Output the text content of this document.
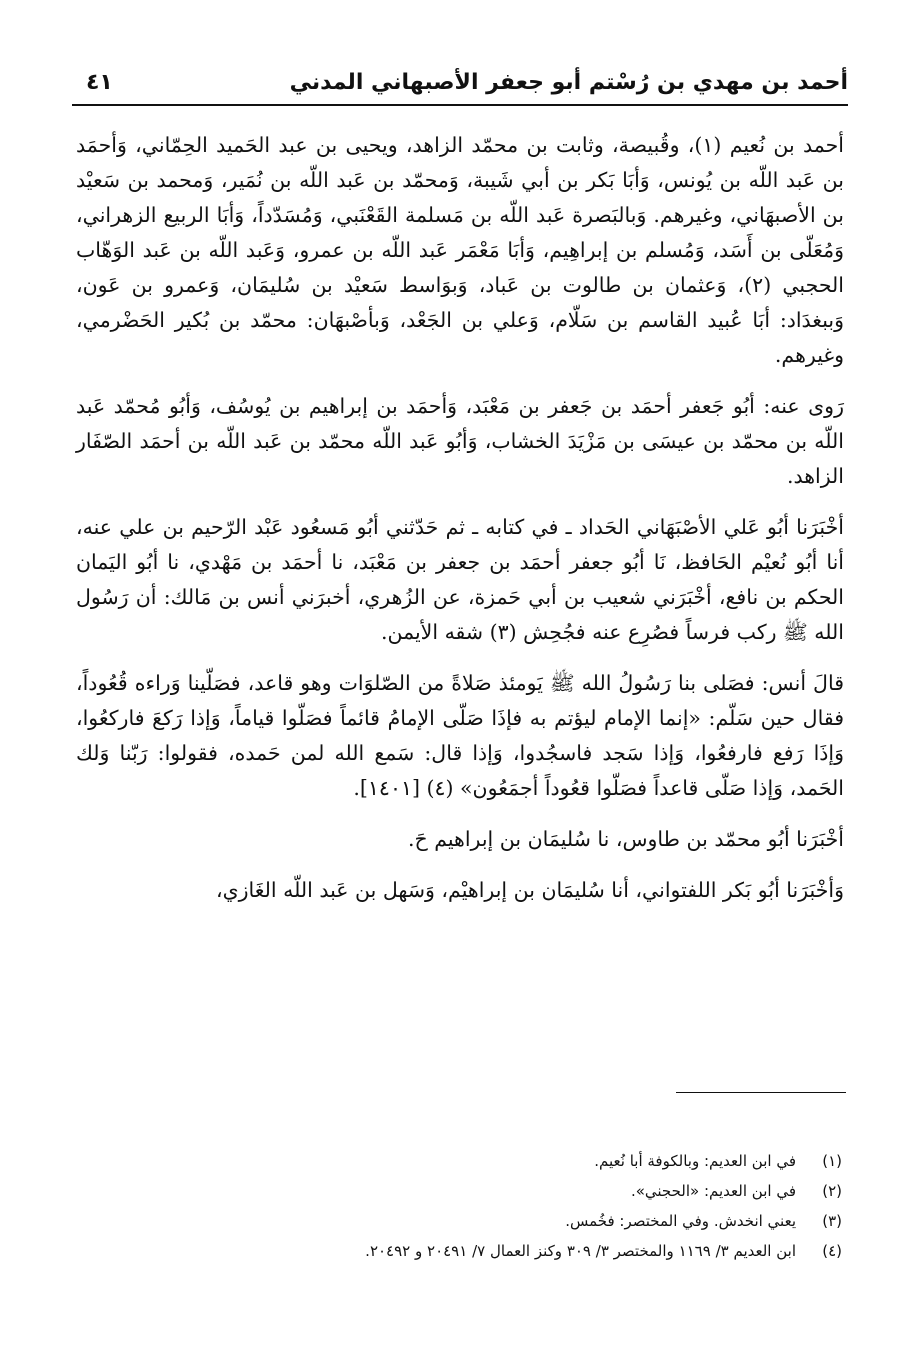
أحمد بن مهدي بن رُسْتم أبو جعفر الأصبهاني المدني
٤١

أحمد بن نُعيم (١)، وقُبيصة، وثابت بن محمّد الزاهد، ويحيى بن عبد الحَميد الحِمّاني، وَأحمَد بن عَبد اللّه بن يُونس، وَأبَا بَكر بن أبي شَيبة، وَمحمّد بن عَبد اللّه بن نُمَير، وَمحمد بن سَعيْد بن الأصبهَاني، وغيرهم. وَبالبَصرة عَبد اللّه بن مَسلمة القَعْنَبي، وَمُسَدّداً، وَأبَا الربيع الزهراني، وَمُعَلّى بن أَسَد، وَمُسلم بن إبراهِيم، وَأبَا مَعْمَر عَبد اللّه بن عمرو، وَعَبد اللّه بن عَبد الوَهّاب الحجبي (٢)، وَعثمان بن طالوت بن عَباد، وَبوَاسط سَعيْد بن سُليمَان، وَعمرو بن عَون، وَببغدَاد: أبَا عُبيد القاسم بن سَلّام، وَعلي بن الجَعْد، وَبأصْبهَان: محمّد بن بُكير الحَضْرمي، وغيرهم.

رَوى عنه: أبُو جَعفر أحمَد بن جَعفر بن مَعْبَد، وَأحمَد بن إبراهيم بن يُوسُف، وَأبُو مُحمّد عَبد اللّه بن محمّد بن عيسَى بن مَزْيَدَ الخشاب، وَأبُو عَبد اللّه محمّد بن عَبد اللّه بن أحمَد الصّفَار الزاهد.

أخْبَرَنا أبُو عَلي الأصْبَهَاني الحَداد ـ في كتابه ـ ثم حَدّثني أبُو مَسعُود عَبْد الرّحيم بن علي عنه، أنا أبُو نُعيْم الحَافظ، نَا أبُو جعفر أحمَد بن جعفر بن مَعْبَد، نا أحمَد بن مَهْدي، نا أبُو اليَمان الحكم بن نافع، أخْبَرَني شعيب بن أبي حَمزة، عن الزُهري، أخبرَني أنس بن مَالك: أن رَسُول الله ﷺ ركب فرساً فصُرِع عنه فجُحِش (٣) شقه الأيمن.

قالَ أنس: فصَلى بنا رَسُولُ الله ﷺ يَومئذ صَلاةً من الصّلوَات وهو قاعد، فصَلّينا وَراءه قُعُوداً، فقال حين سَلّم: «إنما الإمام ليؤتم به فإذَا صَلّى الإمامُ قائماً فصَلّوا قياماً، وَإذا رَكعَ فاركعُوا، وَإذَا رَفع فارفعُوا، وَإذا سَجد فاسجُدوا، وَإذا قال: سَمع الله لمن حَمده، فقولوا: رَبّنا وَلك الحَمد، وَإذا صَلّى قاعداً فصَلّوا قعُوداً أجمَعُون» (٤) [١٤٠١].

أخْبَرَنا أبُو محمّد بن طاوس، نا سُليمَان بن إبراهيم حَ.

وَأخْبَرَنا أبُو بَكر اللفتواني، أنا سُليمَان بن إبراهيْم، وَسَهل بن عَبد اللّه الغَازي،

(١)
في ابن العديم: وبالكوفة أبا نُعيم.
(٢)
في ابن العديم: «الحجني».
(٣)
يعني انخدش. وفي المختصر: فخُمس.
(٤)
ابن العديم ٣/ ١١٦٩ والمختصر ٣/ ٣٠٩ وكنز العمال ٧/ ٢٠٤٩١ و ٢٠٤٩٢.
